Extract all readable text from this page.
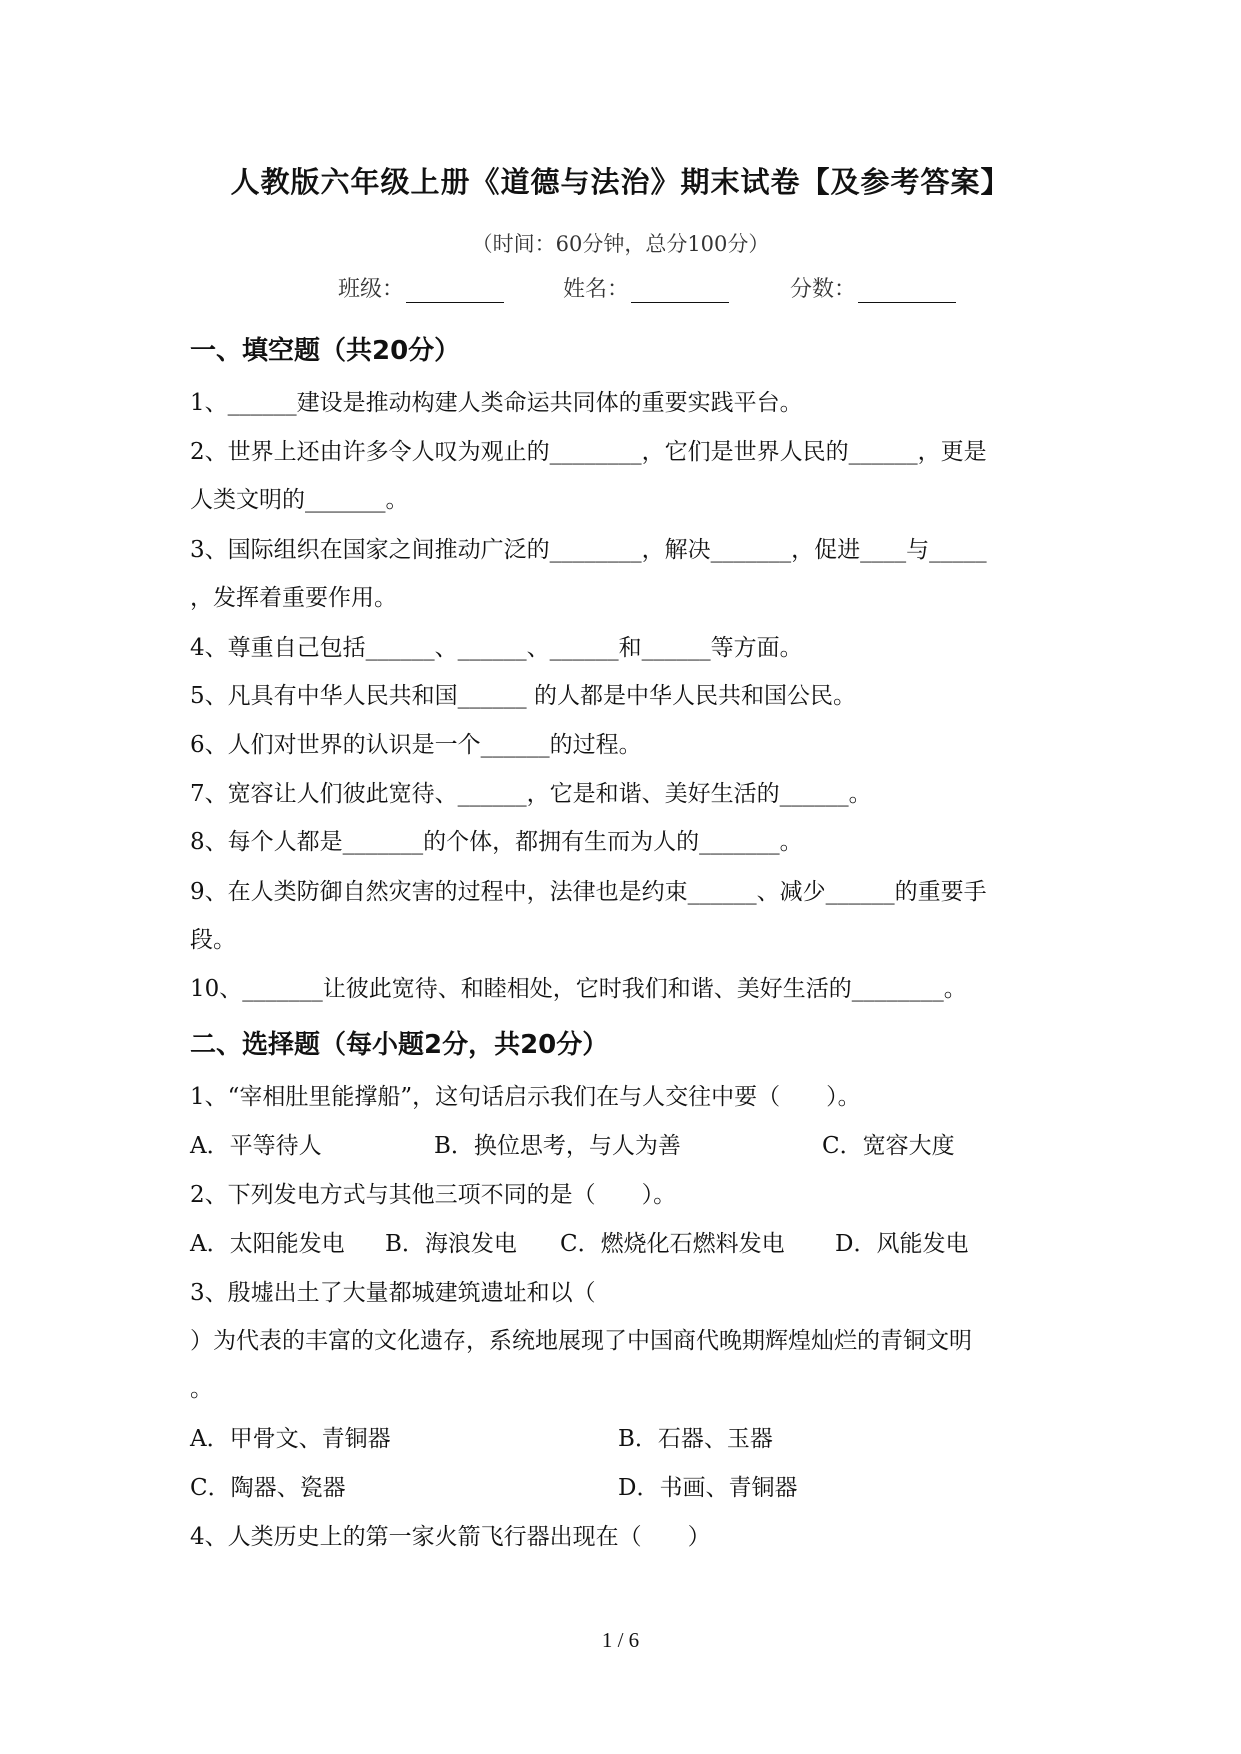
人教版六年级上册《道德与法治》期末试卷【及参考答案】
（时间：60分钟，总分100分）
班级：	姓名：	分数：
一、填空题（共20分）
1、______建设是推动构建人类命运共同体的重要实践平台。
2、世界上还由许多令人叹为观止的________，它们是世界人民的______，更是
人类文明的_______。
3、国际组织在国家之间推动广泛的________，解决_______，促进____与_____
，发挥着重要作用。
4、尊重自己包括______、______、______和______等方面。
5、凡具有中华人民共和国______ 的人都是中华人民共和国公民。
6、人们对世界的认识是一个______的过程。
7、宽容让人们彼此宽待、______，它是和谐、美好生活的______。
8、每个人都是_______的个体，都拥有生而为人的_______。
9、在人类防御自然灾害的过程中，法律也是约束______、减少______的重要手
段。
10、_______让彼此宽待、和睦相处，它时我们和谐、美好生活的________。
二、选择题（每小题2分，共20分）
1、“宰相肚里能撑船”，这句话启示我们在与人交往中要（　　）。
A．平等待人	B．换位思考，与人为善	C．宽容大度
2、下列发电方式与其他三项不同的是（　　）。
A．太阳能发电 B．海浪发电 C．燃烧化石燃料发电 D．风能发电
3、殷墟出土了大量都城建筑遗址和以（
）为代表的丰富的文化遗存，系统地展现了中国商代晚期辉煌灿烂的青铜文明
。
A．甲骨文、青铜器	B．石器、玉器
C．陶器、瓷器	D．书画、青铜器
4、人类历史上的第一家火箭飞行器出现在（　　）
1 / 6
